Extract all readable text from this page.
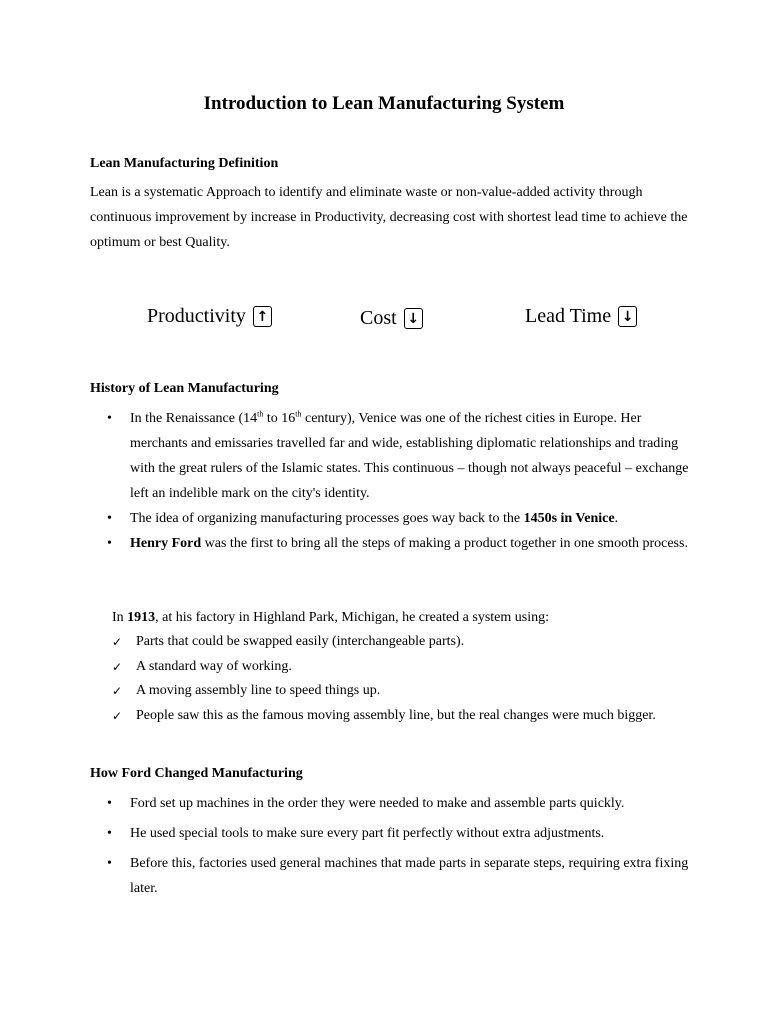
Introduction to Lean Manufacturing System
Lean Manufacturing Definition
Lean is a systematic Approach to identify and eliminate waste or non-value-added activity through continuous improvement by increase in Productivity, decreasing cost with shortest lead time to achieve the optimum or best Quality.
Productivity ↑	Cost ↓	Lead Time ↓
History of Lean Manufacturing
• In the Renaissance (14th to 16th century), Venice was one of the richest cities in Europe. Her merchants and emissaries travelled far and wide, establishing diplomatic relationships and trading with the great rulers of the Islamic states. This continuous – though not always peaceful – exchange left an indelible mark on the city's identity.
• The idea of organizing manufacturing processes goes way back to the 1450s in Venice.
• Henry Ford was the first to bring all the steps of making a product together in one smooth process.
In 1913, at his factory in Highland Park, Michigan, he created a system using:
✓ Parts that could be swapped easily (interchangeable parts).
✓ A standard way of working.
✓ A moving assembly line to speed things up.
✓ People saw this as the famous moving assembly line, but the real changes were much bigger.
How Ford Changed Manufacturing
• Ford set up machines in the order they were needed to make and assemble parts quickly.
• He used special tools to make sure every part fit perfectly without extra adjustments.
• Before this, factories used general machines that made parts in separate steps, requiring extra fixing later.
